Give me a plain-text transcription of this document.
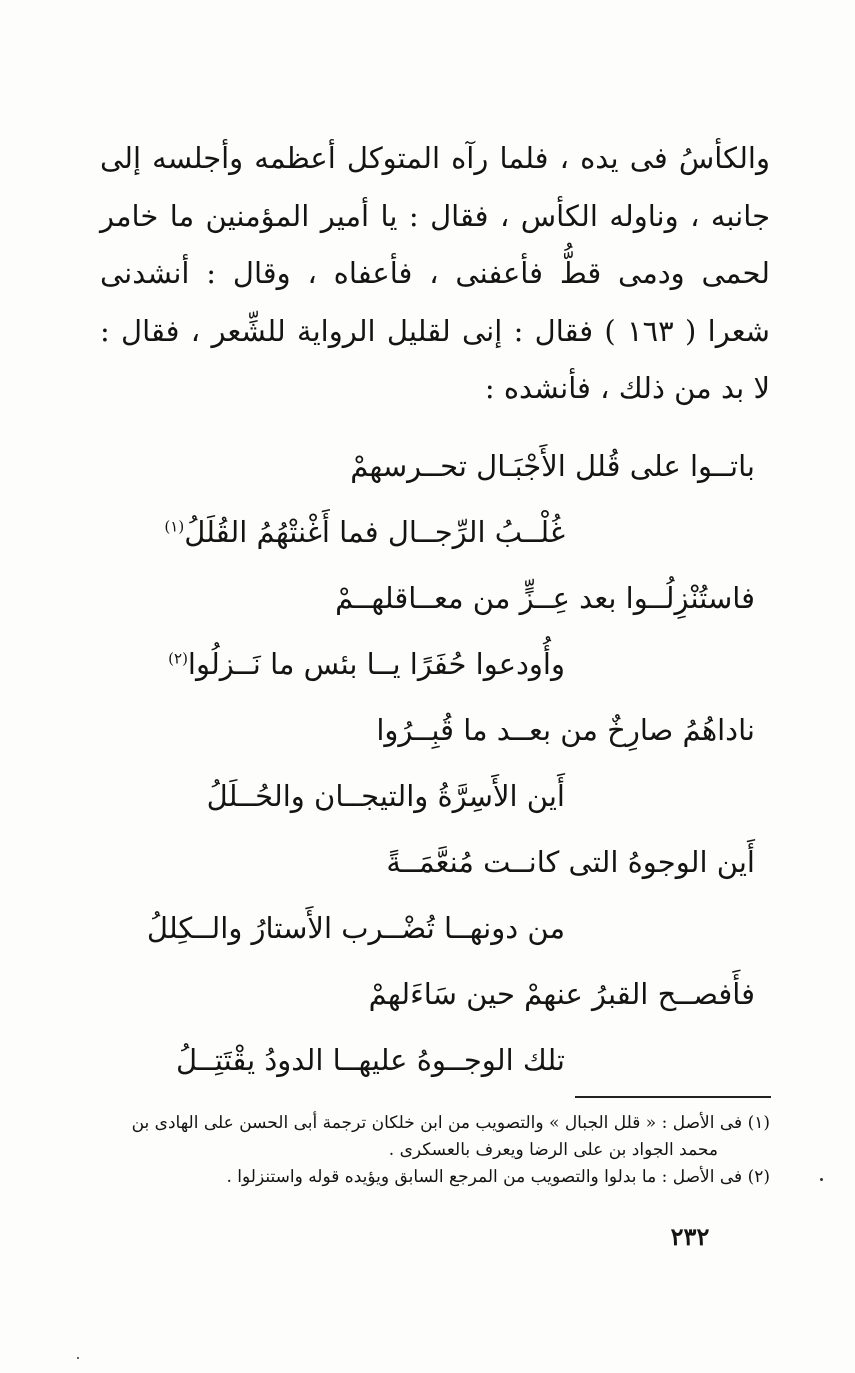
والكأسُ فى يده ، فلما رآه المتوكل أعظمه وأجلسه إلى جانبه ، وناوله الكأس ، فقال : يا أمير المؤمنين ما خامر لحمى ودمى قطُّ فأعفنى ، فأعفاه ، وقال : أنشدنى شعرا ( ١٦٣ ) فقال : إنى لقليل الرواية للشِّعر ، فقال : لا بد من ذلك ، فأنشده :

باتــوا على قُلل الأَجْبَـال تحــرسهمْ
غُلْــبُ الرِّجــال فما أَغْنتْهُمُ القُلَلُ$^{(١)}$
فاستُنْزِلُــوا بعد عِــزٍّ من معــاقلهــمْ
وأُودعوا حُفَرًا يــا بئس ما نَــزلُوا$^{(٢)}$
ناداهُمُ صارِخٌ من بعــد ما قُبِــرُوا
أَين الأَسِرَّةُ والتيجــان والحُــلَلُ
أَين الوجوهُ التى كانــت مُنعَّمَــةً
من دونهــا تُضْــرب الأَستارُ والــكِللُ
فأَفصــح القبرُ عنهمْ حين سَاءَلهمْ
تلك الوجــوهُ عليهــا الدودُ يقْتَتِــلُ

(١) فى الأصل : « قلل الجبال » والتصويب من ابن خلكان ترجمة أبى الحسن على الهادى بن

محمد الجواد بن على الرضا ويعرف بالعسكرى .

(٢) فى الأصل : ما بدلوا والتصويب من المرجع السابق ويؤيده قوله واستنزلوا .

٢٣٢
